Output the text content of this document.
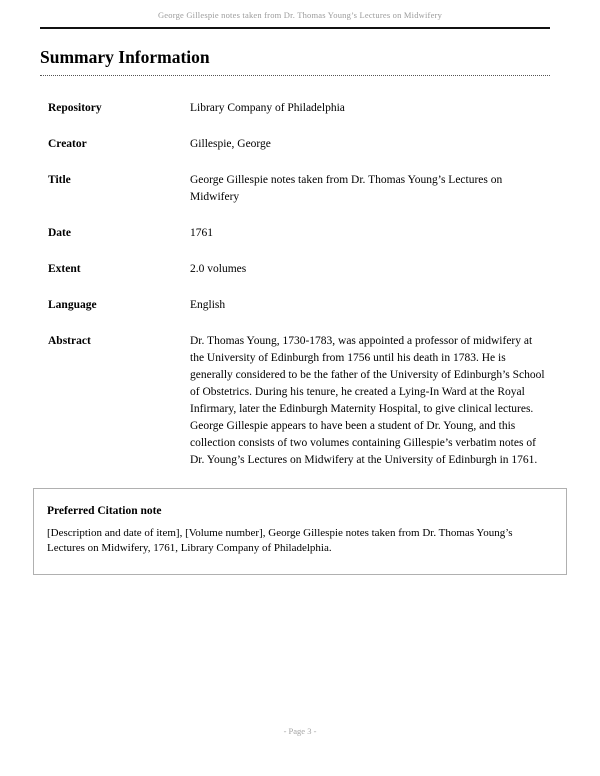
George Gillespie notes taken from Dr. Thomas Young’s Lectures on Midwifery
Summary Information
Repository	Library Company of Philadelphia
Creator	Gillespie, George
Title	George Gillespie notes taken from Dr. Thomas Young’s Lectures on Midwifery
Date	1761
Extent	2.0 volumes
Language	English
Abstract	Dr. Thomas Young, 1730-1783, was appointed a professor of midwifery at the University of Edinburgh from 1756 until his death in 1783. He is generally considered to be the father of the University of Edinburgh’s School of Obstetrics. During his tenure, he created a Lying-In Ward at the Royal Infirmary, later the Edinburgh Maternity Hospital, to give clinical lectures. George Gillespie appears to have been a student of Dr. Young, and this collection consists of two volumes containing Gillespie’s verbatim notes of Dr. Young’s Lectures on Midwifery at the University of Edinburgh in 1761.
Preferred Citation note
[Description and date of item], [Volume number], George Gillespie notes taken from Dr. Thomas Young’s Lectures on Midwifery, 1761, Library Company of Philadelphia.
- Page 3 -
